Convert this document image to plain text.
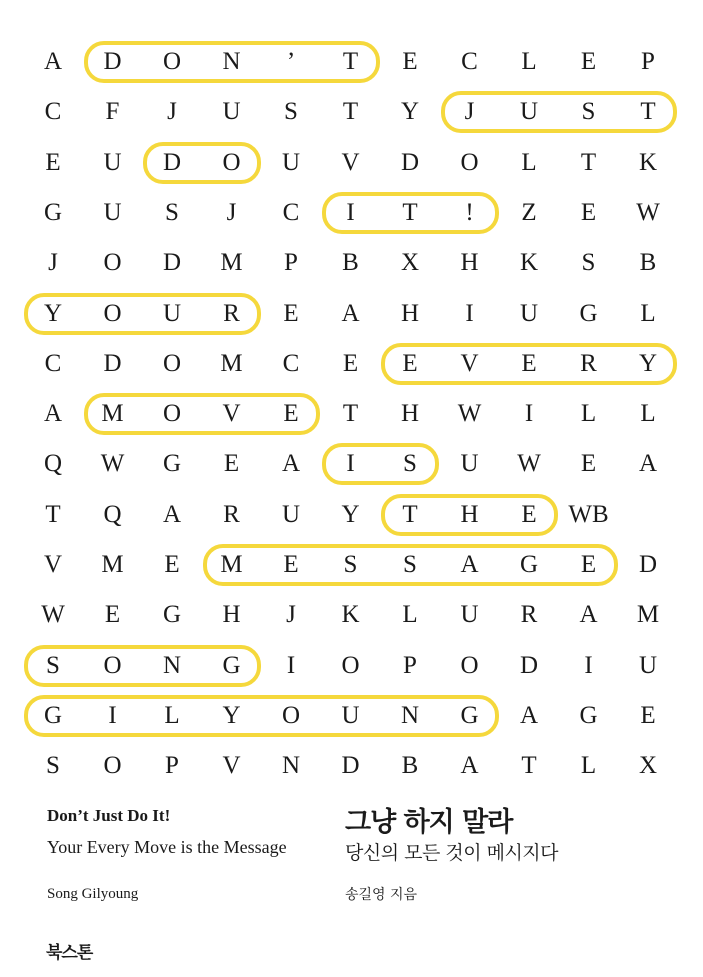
A	D	O	N	’	T	E	C	L	E	P
C	F	J	U	S	T	Y	J	U	S	T
E	U	D	O	U	V	D	O	L	T	K
G	U	S	J	C	I	T	!	Z	E	W
J	O	D	M	P	B	X	H	K	S	B
Y	O	U	R	E	A	H	I	U	G	L
C	D	O	M	C	E	E	V	E	R	Y
A	M	O	V	E	T	H	W	I	L	L
Q	W	G	E	A	I	S	U	W	E	A
T	Q	A	R	U	Y	T	H	E	WB
V	M	E	M	E	S	S	A	G	E	D
W	E	G	H	J	K	L	U	R	A	M
S	O	N	G	I	O	P	O	D	I	U
G	I	L	Y	O	U	N	G	A	G	E
S	O	P	V	N	D	B	A	T	L	X
Don’t Just Do It!
Your Every Move is the Message
Song Gilyoung
그냥 하지 말라
당신의 모든 것이 메시지다
송길영 지음
북스톤
